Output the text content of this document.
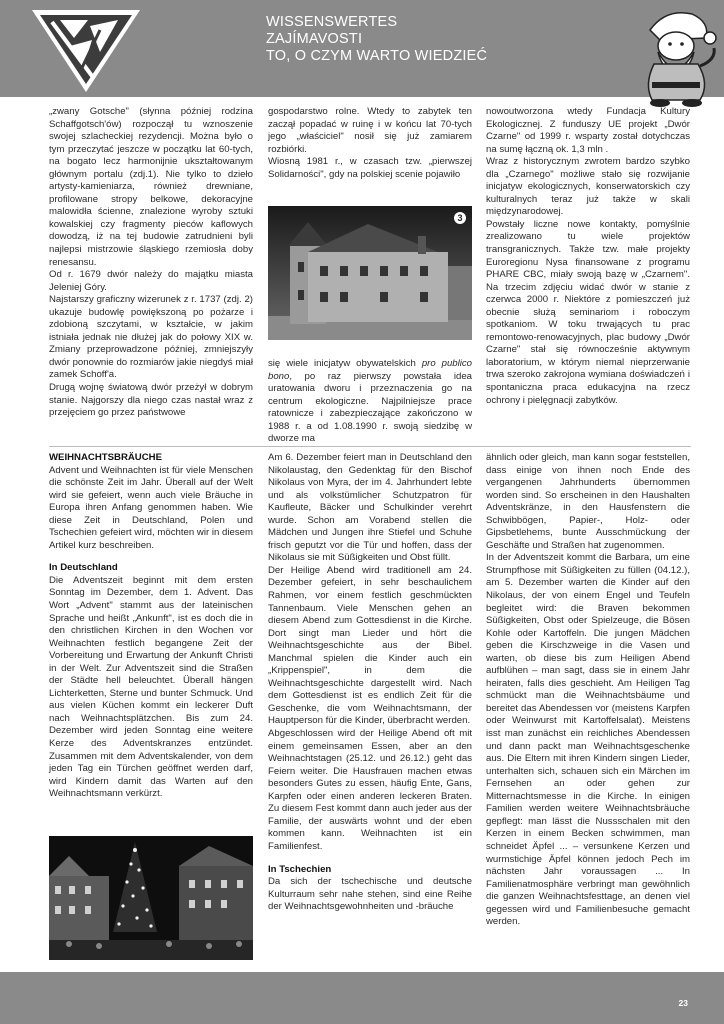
WISSENSWERTES
ZAJÍMAVOSTI
TO, O CZYM WARTO WIEDZIEĆ

„zwany Gotsche" (słynna później rodzina Schaffgotsch'ów) rozpoczął tu wznoszenie swojej szlacheckiej rezydencji. Można było o tym przeczytać jeszcze w początku lat 60-tych, na bogato lecz harmonijnie ukształtowanym głównym portalu (zdj.1). Nie tylko to dzieło artysty-kamieniarza, również drewniane, profilowane stropy belkowe, dekoracyjne malowidła ścienne, znalezione wyroby sztuki kowalskiej czy fragmenty pieców kaflowych dowodzą, iż na tej budowie zatrudnieni byli najlepsi mistrzowie śląskiego rzemiosła doby renesansu.

Od r. 1679 dwór należy do majątku miasta Jeleniej Góry.

Najstarszy graficzny wizerunek z r. 1737 (zdj. 2) ukazuje budowlę powiększoną po pożarze i zdobioną szczytami, w kształcie, w jakim istniała jednak nie dłużej jak do połowy XIX w. Zmiany przeprowadzone później, zmniejszyły dwór ponownie do rozmiarów jakie niegdyś miał zamek Schoff'a.

Drugą wojnę światową dwór przeżył w dobrym stanie. Najgorszy dla niego czas nastał wraz z przejęciem go przez państwowe

gospodarstwo rolne. Wtedy to zabytek ten zaczął popadać w ruinę i w końcu lat 70-tych jego „właściciel" nosił się już zamiarem rozbiórki.

Wiosną 1981 r., w czasach tzw. „pierwszej Solidarności", gdy na polskiej scenie pojawiło

3

się wiele inicjatyw obywatelskich pro publico bono, po raz pierwszy powstała idea uratowania dworu i przeznaczenia go na centrum ekologiczne. Najpilniejsze prace ratownicze i zabezpieczające zakończono w 1988 r. a od 1.08.1990 r. swoją siedzibę w dworze ma

nowoutworzona wtedy Fundacja Kultury Ekologicznej. Z funduszy UE projekt „Dwór Czarne" od 1999 r. wsparty został dotychczas na sumę łączną ok. 1,3 mln .

Wraz z historycznym zwrotem bardzo szybko dla „Czarnego" możliwe stało się rozwijanie inicjatyw ekologicznych, konserwatorskich czy kulturalnych teraz już także w skali międzynarodowej.

Powstały liczne nowe kontakty, pomyślnie zrealizowano tu wiele projektów transgranicznych. Także tzw. małe projekty Euroregionu Nysa finansowane z programu PHARE CBC, miały swoją bazę w „Czarnem". Na trzecim zdjęciu widać dwór w stanie z czerwca 2000 r. Niektóre z pomieszczeń już obecnie służą seminariom i roboczym spotkaniom. W toku trwających tu prac remontowo-renowacyjnych, plac budowy „Dwór Czarne" stał się równocześnie aktywnym laboratorium, w którym niemal nieprzerwanie trwa szeroko zakrojona wymiana doświadczeń i spontaniczna praca edukacyjna na rzecz ochrony i pielęgnacji zabytków.

WEIHNACHTSBRÄUCHE

Advent und Weihnachten ist für viele Menschen die schönste Zeit im Jahr. Überall auf der Welt wird sie gefeiert, wenn auch viele Bräuche in Europa ihren Anfang genommen haben. Wie diese Zeit in Deutschland, Polen und Tschechien gefeiert wird, möchten wir in diesem Artikel kurz beschreiben.

In Deutschland

Die Adventszeit beginnt mit dem ersten Sonntag im Dezember, dem 1. Advent. Das Wort „Advent" stammt aus der lateinischen Sprache und heißt „Ankunft", ist es doch die in den christlichen Kirchen in den Wochen vor Weihnachten festlich begangene Zeit der Vorbereitung und Erwartung der Ankunft Christi in der Welt. Zur Adventszeit sind die Straßen der Städte hell beleuchtet. Überall hängen Lichterketten, Sterne und bunter Schmuck. Und aus vielen Küchen kommt ein leckerer Duft nach Weihnachtsplätzchen. Bis zum 24. Dezember wird jeden Sonntag eine weitere Kerze des Adventskranzes entzündet. Zusammen mit dem Adventskalender, von dem jeden Tag ein Türchen geöffnet werden darf, wird Kindern damit das Warten auf den Weihnachtsmann verkürzt.

Am 6. Dezember feiert man in Deutschland den Nikolaustag, den Gedenktag für den Bischof Nikolaus von Myra, der im 4. Jahrhundert lebte und als volkstümlicher Schutzpatron für Kaufleute, Bäcker und Schulkinder verehrt wurde. Schon am Vorabend stellen die Mädchen und Jungen ihre Stiefel und Schuhe frisch geputzt vor die Tür und hoffen, dass der Nikolaus sie mit Süßigkeiten und Obst füllt.

Der Heilige Abend wird traditionell am 24. Dezember gefeiert, in sehr beschaulichem Rahmen, vor einem festlich geschmückten Tannenbaum. Viele Menschen gehen an diesem Abend zum Gottesdienst in die Kirche. Dort singt man Lieder und hört die Weihnachtsgeschichte aus der Bibel. Manchmal spielen die Kinder auch ein „Krippenspiel", in dem die Weihnachtsgeschichte dargestellt wird. Nach dem Gottesdienst ist es endlich Zeit für die Geschenke, die vom Weihnachtsmann, der Hauptperson für die Kinder, überbracht werden.

Abgeschlossen wird der Heilige Abend oft mit einem gemeinsamen Essen, aber an den Weihnachtstagen (25.12. und 26.12.) geht das Feiern weiter. Die Hausfrauen machen etwas besonders Gutes zu essen, häufig Ente, Gans, Karpfen oder einen anderen leckeren Braten. Zu diesem Fest kommt dann auch jeder aus der Familie, der auswärts wohnt und der eben kommen kann. Weihnachten ist ein Familienfest.

In Tschechien

Da sich der tschechische und deutsche Kulturraum sehr nahe stehen, sind eine Reihe der Weihnachtsgewohnheiten und -bräuche

ähnlich oder gleich, man kann sogar feststellen, dass einige von ihnen noch Ende des vergangenen Jahrhunderts übernommen worden sind. So erscheinen in den Haushalten Adventskränze, in den Hausfenstern die Schwibbögen, Papier-, Holz- oder Gipsbetlehems, bunte Ausschmückung der Geschäfte und Straßen hat zugenommen.

In der Adventszeit kommt die Barbara, um eine Strumpfhose mit Süßigkeiten zu füllen (04.12.), am 5. Dezember warten die Kinder auf den Nikolaus, der von einem Engel und Teufeln begleitet wird: die Braven bekommen Süßigkeiten, Obst oder Spielzeuge, die Bösen Kohle oder Kartoffeln. Die jungen Mädchen geben die Kirschzweige in die Vasen und warten, ob diese bis zum Heiligen Abend aufblühen – man sagt, dass sie in einem Jahr heiraten, falls dies geschieht. Am Heiligen Tag schmückt man die Weihnachtsbäume und bereitet das Abendessen vor (meistens Karpfen oder Weinwurst mit Kartoffelsalat). Meistens isst man zunächst ein reichliches Abendessen und dann packt man Weihnachtsgeschenke aus. Die Eltern mit ihren Kindern singen Lieder, unterhalten sich, schauen sich ein Märchen im Fernsehen an oder gehen zur Mitternachtsmesse in die Kirche. In einigen Familien werden weitere Weihnachtsbräuche gepflegt: man lässt die Nussschalen mit den Kerzen in einem Becken schwimmen, man schneidet Äpfel ... – versunkene Kerzen und wurmstichige Äpfel können jedoch Pech im nächsten Jahr voraussagen ... In Familienatmosphäre verbringt man gewöhnlich die ganzen Weihnachtsfesttage, an denen viel gegessen wird und Familienbesuche gemacht werden.

23
